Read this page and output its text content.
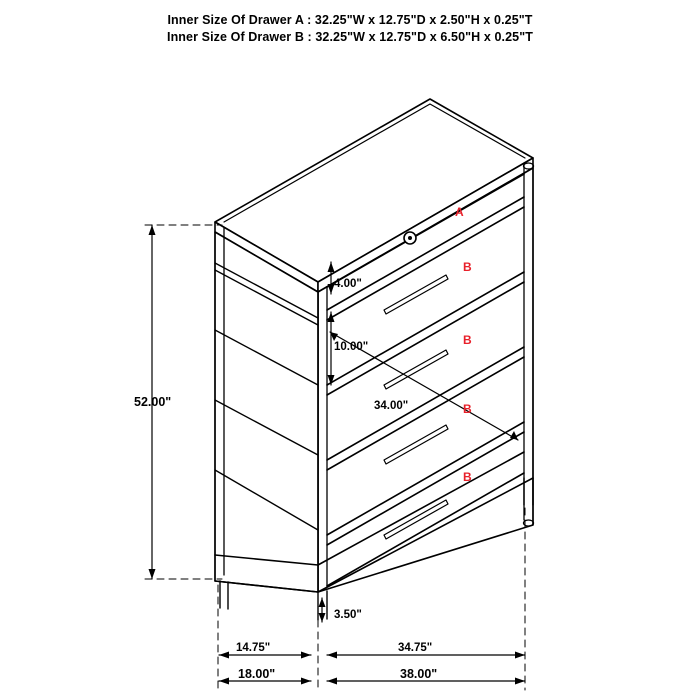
Inner Size Of Drawer A : 32.25"W x 12.75"D x 2.50"H x 0.25"T
Inner Size Of Drawer B : 32.25"W x 12.75"D x 6.50"H x 0.25"T
A
B
B
B
B
52.00"
4.00"
10.00"
34.00"
3.50"
14.75"	34.75"
18.00"	38.00"
